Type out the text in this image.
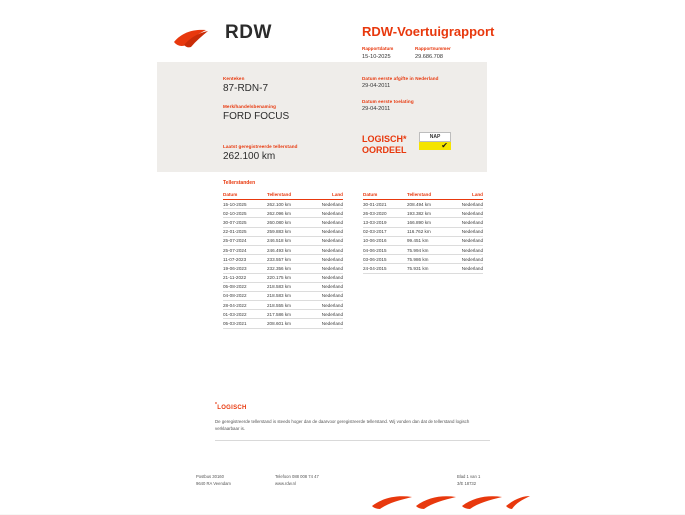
RDW	RDW-Voertuigrapport
Rapportdatum
15-10-2025
Rapportnummer
29.686.708
Kenteken
87-RDN-7
Merk/handelsbenaming
FORD FOCUS
Datum eerste afgifte in Nederland
29-04-2011
Datum eerste toelating
29-04-2011
Laatst geregistreerde tellerstand
262.100 km
LOGISCH*
OORDEEL
NAP
✔
Tellerstanden
Datum	Tellerstand	Land
15-10-2025	262.100 km	Nederland
02-10-2025	262.096 km	Nederland
30-07-2025	260.080 km	Nederland
22-01-2025	259.883 km	Nederland
25-07-2024	246.518 km	Nederland
25-07-2024	246.493 km	Nederland
11-07-2023	233.557 km	Nederland
19-06-2023	232.356 km	Nederland
21-11-2022	220.175 km	Nederland
05-08-2022	218.583 km	Nederland
04-08-2022	218.583 km	Nederland
28-04-2022	218.555 km	Nederland
01-03-2022	217.586 km	Nederland
05-03-2021	208.601 km	Nederland
Datum	Tellerstand	Land
30-01-2021	208.494 km	Nederland
26-03-2020	193.382 km	Nederland
13-03-2019	166.890 km	Nederland
02-03-2017	116.762 km	Nederland
10-06-2016	99.451 km	Nederland
04-06-2015	75.994 km	Nederland
03-06-2015	75.986 km	Nederland
24-04-2015	75.931 km	Nederland
*LOGISCH
De geregistreerde tellerstand is steeds hoger dan de daarvoor geregistreerde tellerstand. Wij vonden dan dat de tellerstand logisch verklaarbaar is.
Postbus 30160
9640 RA Veendam
Telefoon 088 008 74 47
www.rdw.nl
Blad 1 van 1
3/E 18732
